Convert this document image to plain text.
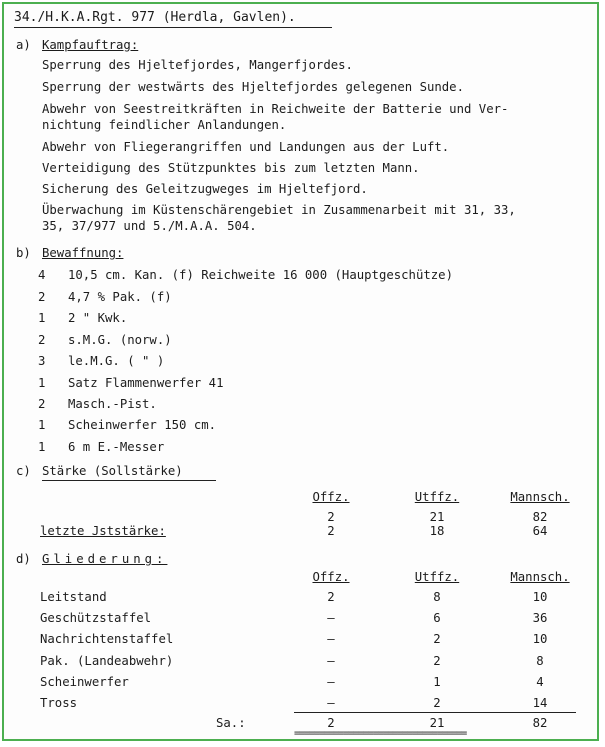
34./H.K.A.Rgt. 977 (Herdla, Gavlen).
a) Kampfauftrag:
Sperrung des Hjeltefjordes, Mangerfjordes.
Sperrung der westwärts des Hjeltefjordes gelegenen Sunde.
Abwehr von Seestreitkräften in Reichweite der Batterie und Ver-
nichtung feindlicher Anlandungen.
Abwehr von Fliegerangriffen und Landungen aus der Luft.
Verteidigung des Stützpunktes bis zum letzten Mann.
Sicherung des Geleitzugweges im Hjeltefjord.
Überwachung im Küstenschärengebiet in Zusammenarbeit mit 31, 33,
35, 37/977 und 5./M.A.A. 504.
b) Bewaffnung:
4 10,5 cm. Kan. (f) Reichweite 16 000 (Hauptgeschütze)
2 4,7 % Pak. (f)
1 2 " Kwk.
2 s.M.G. (norw.)
3 le.M.G. ( " )
1 Satz Flammenwerfer 41
2 Masch.-Pist.
1 Scheinwerfer 150 cm.
1 6 m E.-Messer
c) Stärke (Sollstärke)
Offz.	Utffz.	Mannsch.
2	21	82
letzte Jststärke:	2	18	64
d) Gliederung:
Offz.	Utffz.	Mannsch.
Leitstand	2	8	10
Geschützstaffel	–	6	36
Nachrichtenstaffel	–	2	10
Pak. (Landeabwehr)	–	2	8
Scheinwerfer	–	1	4
Tross	–	2	14
Sa.:	2	21	82
===================================
